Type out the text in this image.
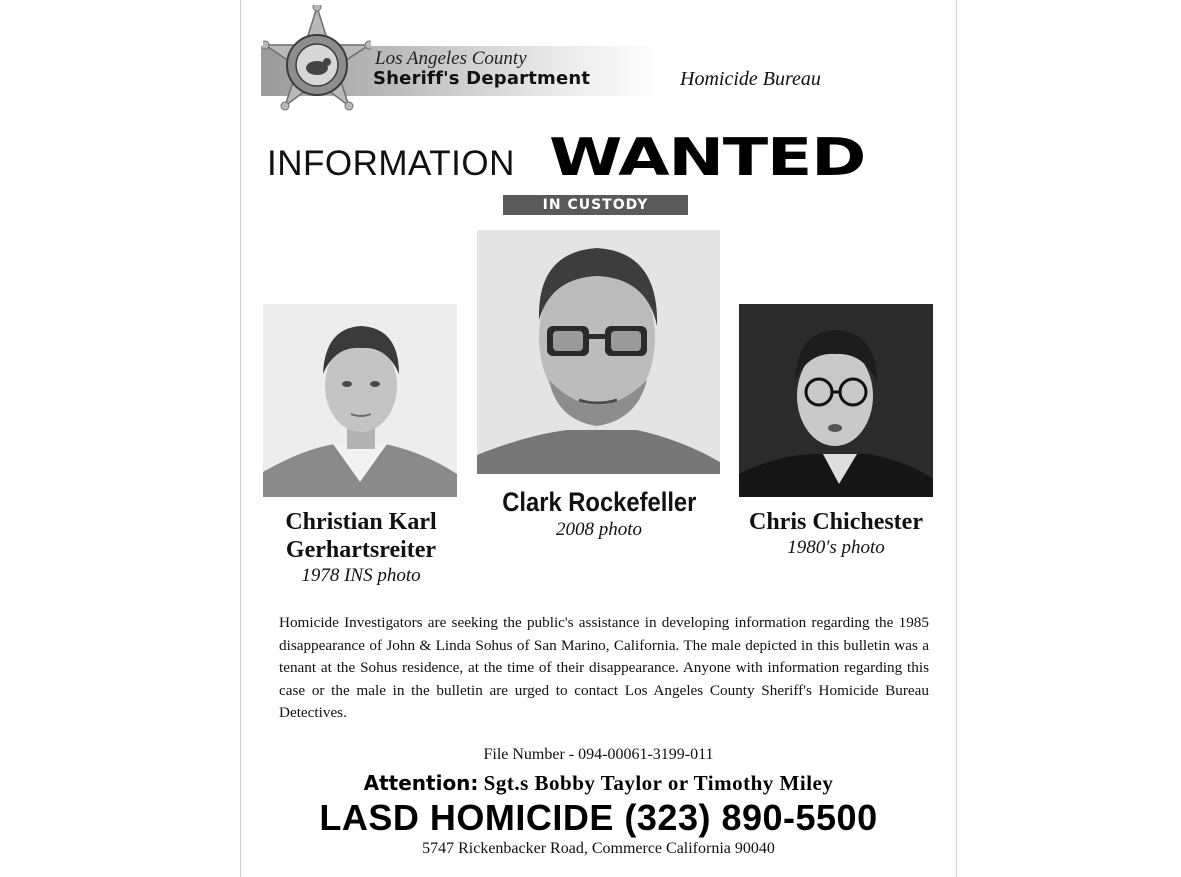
Los Angeles County
Sheriff's Department	Homicide Bureau
INFORMATION WANTED
IN CUSTODY
Christian Karl
Gerhartsreiter
1978 INS photo
Clark Rockefeller
2008 photo	Chris Chichester
1980's photo
Homicide Investigators are seeking the public's assistance in developing information regarding the 1985 disappearance of John & Linda Sohus of San Marino, California. The male depicted in this bulletin was a tenant at the Sohus residence, at the time of their disappearance. Anyone with information regarding this case or the male in the bulletin are urged to contact Los Angeles County Sheriff's Homicide Bureau Detectives.
File Number - 094-00061-3199-011
Attention: Sgt.s Bobby Taylor or Timothy Miley
LASD HOMICIDE (323) 890-5500
5747 Rickenbacker Road, Commerce California 90040
